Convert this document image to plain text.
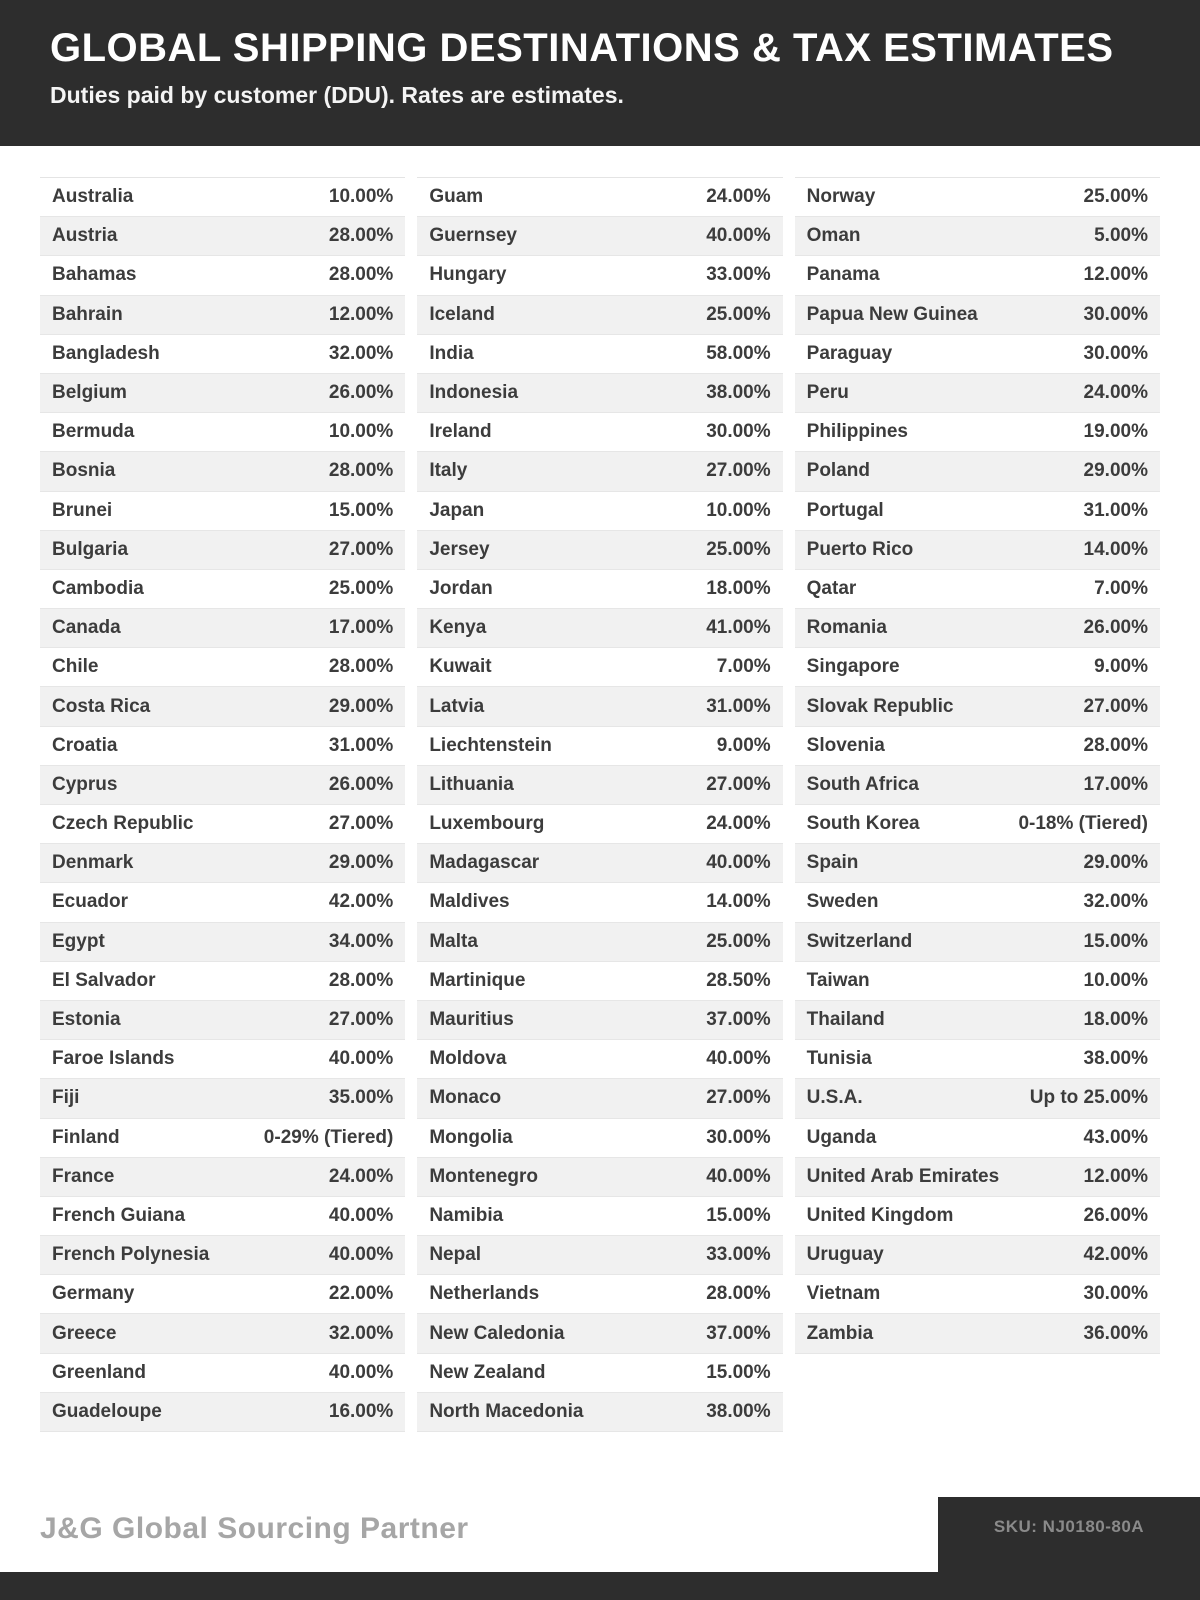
GLOBAL SHIPPING DESTINATIONS & TAX ESTIMATES
Duties paid by customer (DDU). Rates are estimates.
Australia	10.00%
Austria	28.00%
Bahamas	28.00%
Bahrain	12.00%
Bangladesh	32.00%
Belgium	26.00%
Bermuda	10.00%
Bosnia	28.00%
Brunei	15.00%
Bulgaria	27.00%
Cambodia	25.00%
Canada	17.00%
Chile	28.00%
Costa Rica	29.00%
Croatia	31.00%
Cyprus	26.00%
Czech Republic	27.00%
Denmark	29.00%
Ecuador	42.00%
Egypt	34.00%
El Salvador	28.00%
Estonia	27.00%
Faroe Islands	40.00%
Fiji	35.00%
Finland	0-29% (Tiered)
France	24.00%
French Guiana	40.00%
French Polynesia	40.00%
Germany	22.00%
Greece	32.00%
Greenland	40.00%
Guadeloupe	16.00%
Guam	24.00%
Guernsey	40.00%
Hungary	33.00%
Iceland	25.00%
India	58.00%
Indonesia	38.00%
Ireland	30.00%
Italy	27.00%
Japan	10.00%
Jersey	25.00%
Jordan	18.00%
Kenya	41.00%
Kuwait	7.00%
Latvia	31.00%
Liechtenstein	9.00%
Lithuania	27.00%
Luxembourg	24.00%
Madagascar	40.00%
Maldives	14.00%
Malta	25.00%
Martinique	28.50%
Mauritius	37.00%
Moldova	40.00%
Monaco	27.00%
Mongolia	30.00%
Montenegro	40.00%
Namibia	15.00%
Nepal	33.00%
Netherlands	28.00%
New Caledonia	37.00%
New Zealand	15.00%
North Macedonia	38.00%
Norway	25.00%
Oman	5.00%
Panama	12.00%
Papua New Guinea	30.00%
Paraguay	30.00%
Peru	24.00%
Philippines	19.00%
Poland	29.00%
Portugal	31.00%
Puerto Rico	14.00%
Qatar	7.00%
Romania	26.00%
Singapore	9.00%
Slovak Republic	27.00%
Slovenia	28.00%
South Africa	17.00%
South Korea	0-18% (Tiered)
Spain	29.00%
Sweden	32.00%
Switzerland	15.00%
Taiwan	10.00%
Thailand	18.00%
Tunisia	38.00%
U.S.A.	Up to 25.00%
Uganda	43.00%
United Arab Emirates	12.00%
United Kingdom	26.00%
Uruguay	42.00%
Vietnam	30.00%
Zambia	36.00%
J&G Global Sourcing Partner	SKU: NJ0180-80A
